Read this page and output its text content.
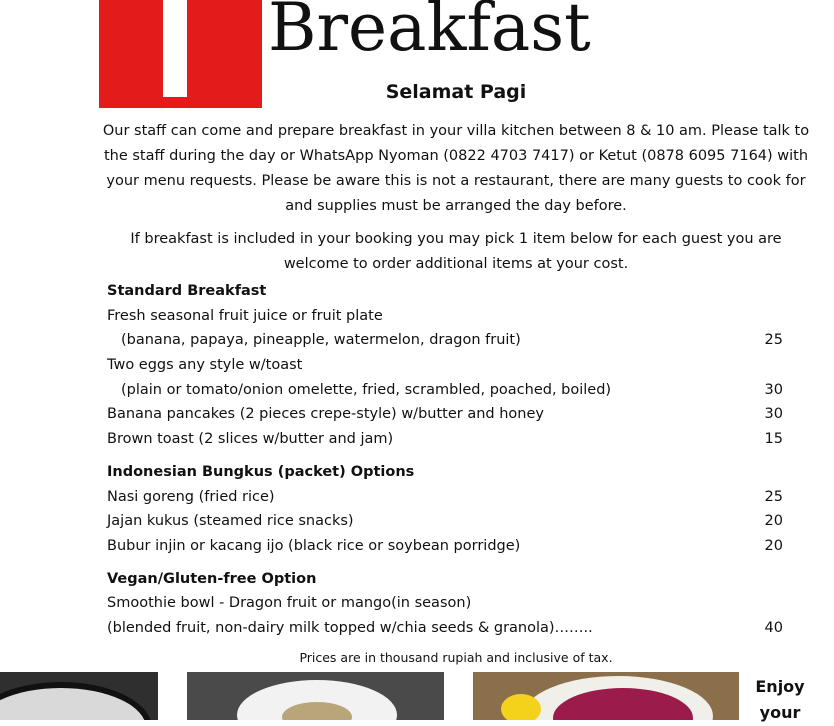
Breakfast
Selamat Pagi

Our staff can come and prepare breakfast in your villa kitchen between 8 & 10 am. Please talk to the staff during the day or WhatsApp Nyoman (0822 4703 7417) or Ketut (0878 6095 7164) with your menu requests. Please be aware this is not a restaurant, there are many guests to cook for and supplies must be arranged the day before.

If breakfast is included in your booking you may pick 1 item below for each guest you are welcome to order additional items at your cost.

Standard Breakfast
Fresh seasonal fruit juice or fruit plate
(banana, papaya, pineapple, watermelon, dragon fruit)	25
Two eggs any style w/toast
(plain or tomato/onion omelette, fried, scrambled, poached, boiled)	30
Banana pancakes (2 pieces crepe-style) w/butter and honey	30
Brown toast (2 slices w/butter and jam)	15
Indonesian Bungkus (packet) Options
Nasi goreng (fried rice)	25
Jajan kukus (steamed rice snacks)	20
Bubur injin or kacang ijo (black rice or soybean porridge)	20
Vegan/Gluten-free Option
Smoothie bowl - Dragon fruit or mango(in season)
(blended fruit, non-dairy milk topped w/chia seeds & granola)……..	40
Prices are in thousand rupiah and inclusive of tax.
Enjoy
your
